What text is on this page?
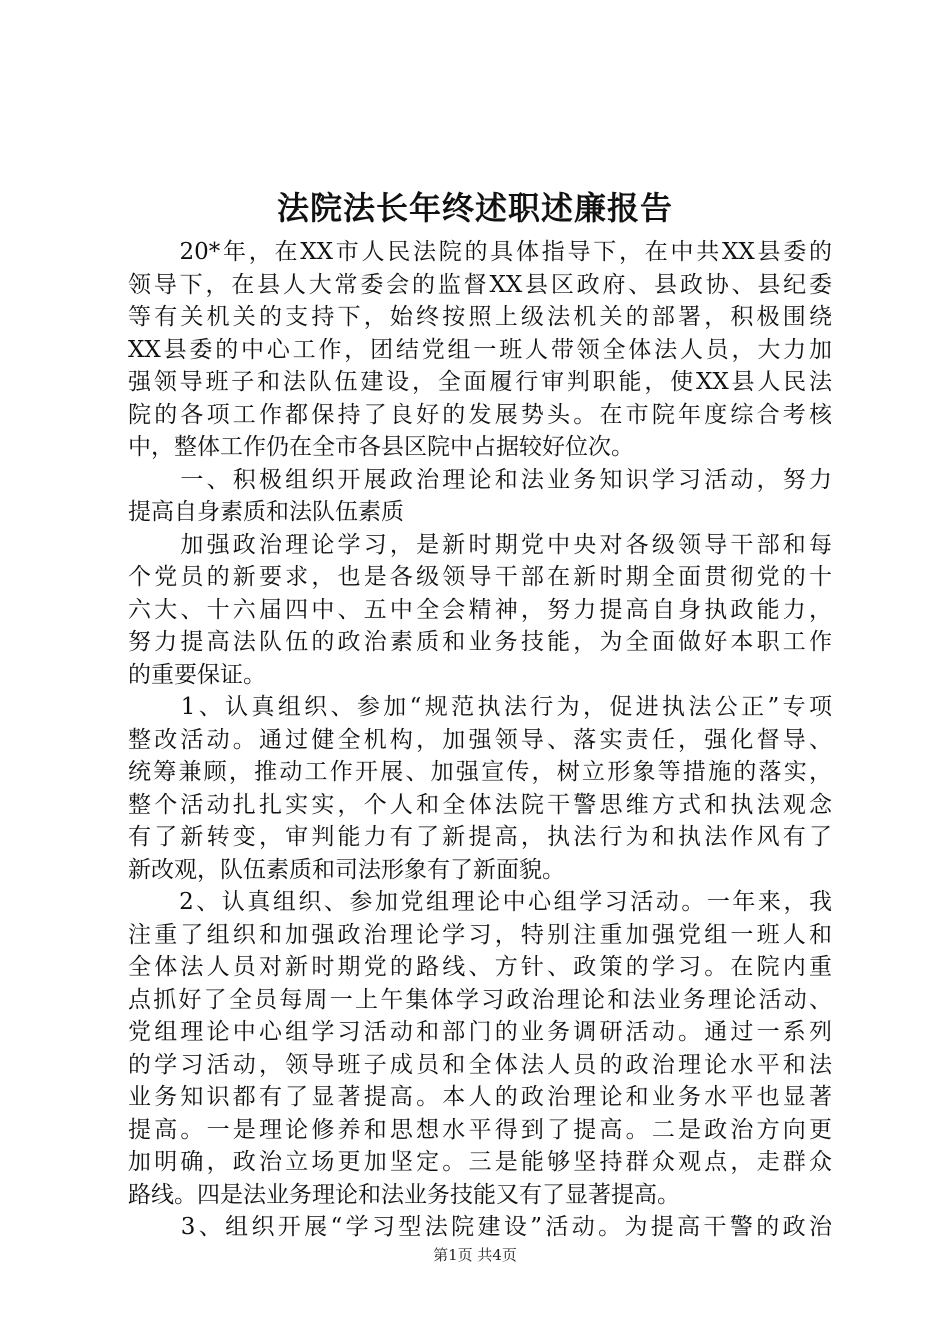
法院法长年终述职述廉报告
　　20*年，在XX市人民法院的具体指导下，在中共XX县委的
领导下，在县人大常委会的监督XX县区政府、县政协、县纪委
等有关机关的支持下，始终按照上级法机关的部署，积极围绕
XX县委的中心工作，团结党组一班人带领全体法人员，大力加
强领导班子和法队伍建设，全面履行审判职能，使XX县人民法
院的各项工作都保持了良好的发展势头。在市院年度综合考核
中，整体工作仍在全市各县区院中占据较好位次。
　　一、积极组织开展政治理论和法业务知识学习活动，努力
提高自身素质和法队伍素质
　　加强政治理论学习，是新时期党中央对各级领导干部和每
个党员的新要求，也是各级领导干部在新时期全面贯彻党的十
六大、十六届四中、五中全会精神，努力提高自身执政能力，
努力提高法队伍的政治素质和业务技能，为全面做好本职工作
的重要保证。
　　1、认真组织、参加“规范执法行为，促进执法公正”专项
整改活动。通过健全机构，加强领导、落实责任，强化督导、
统筹兼顾，推动工作开展、加强宣传，树立形象等措施的落实，
整个活动扎扎实实，个人和全体法院干警思维方式和执法观念
有了新转变，审判能力有了新提高，执法行为和执法作风有了
新改观，队伍素质和司法形象有了新面貌。
　　2、认真组织、参加党组理论中心组学习活动。一年来，我
注重了组织和加强政治理论学习，特别注重加强党组一班人和
全体法人员对新时期党的路线、方针、政策的学习。在院内重
点抓好了全员每周一上午集体学习政治理论和法业务理论活动、
党组理论中心组学习活动和部门的业务调研活动。通过一系列
的学习活动，领导班子成员和全体法人员的政治理论水平和法
业务知识都有了显著提高。本人的政治理论和业务水平也显著
提高。一是理论修养和思想水平得到了提高。二是政治方向更
加明确，政治立场更加坚定。三是能够坚持群众观点，走群众
路线。四是法业务理论和法业务技能又有了显著提高。
　　3、组织开展“学习型法院建设”活动。为提高干警的政治
第1页 共4页
